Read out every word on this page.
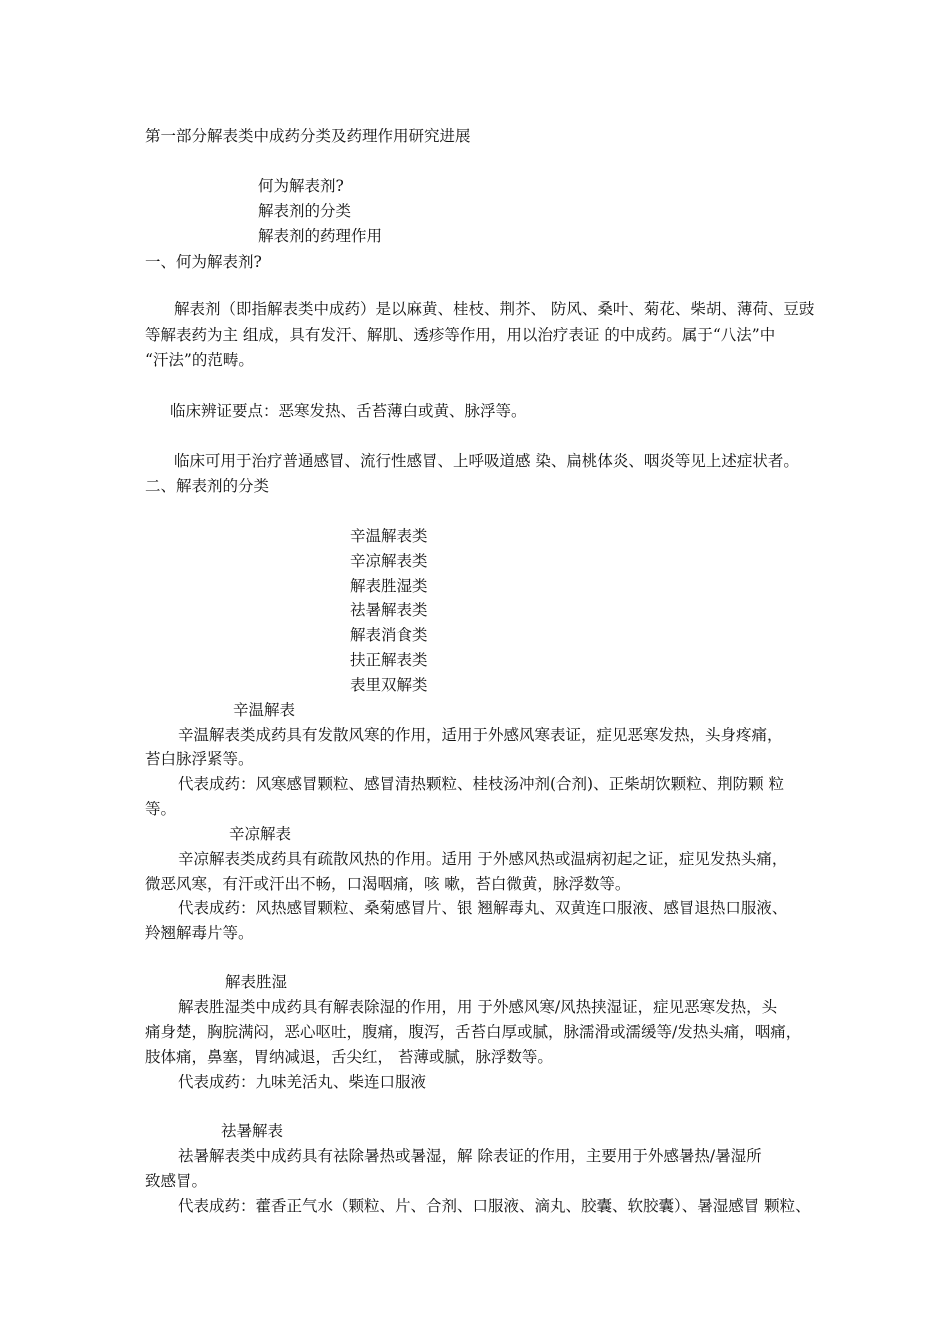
第一部分解表类中成药分类及药理作用研究进展
何为解表剂?
解表剂的分类
解表剂的药理作用
一、何为解表剂?
解表剂（即指解表类中成药）是以麻黄、桂枝、荆芥、 防风、桑叶、菊花、柴胡、薄荷、豆豉
等解表药为主 组成，具有发汗、解肌、透疹等作用，用以治疗表证 的中成药。属于“八法”中
“汗法”的范畴。
临床辨证要点：恶寒发热、舌苔薄白或黄、脉浮等。
临床可用于治疗普通感冒、流行性感冒、上呼吸道感 染、扁桃体炎、咽炎等见上述症状者。
二、解表剂的分类
辛温解表类
辛凉解表类
解表胜湿类
祛暑解表类
解表消食类
扶正解表类
表里双解类
辛温解表
辛温解表类成药具有发散风寒的作用，适用于外感风寒表证，症见恶寒发热，头身疼痛，
苔白脉浮紧等。
代表成药：风寒感冒颗粒、感冒清热颗粒、桂枝汤冲剂(合剂)、正柴胡饮颗粒、荆防颗 粒
等。
辛凉解表
辛凉解表类成药具有疏散风热的作用。适用 于外感风热或温病初起之证，症见发热头痛，
微恶风寒，有汗或汗出不畅，口渴咽痛，咳 嗽，苔白微黄，脉浮数等。
代表成药：风热感冒颗粒、桑菊感冒片、银 翘解毒丸、双黄连口服液、感冒退热口服液、
羚翘解毒片等。
解表胜湿
解表胜湿类中成药具有解表除湿的作用，用 于外感风寒/风热挟湿证，症见恶寒发热，头
痛身楚，胸脘满闷，恶心呕吐，腹痛，腹泻，舌苔白厚或腻，脉濡滑或濡缓等/发热头痛，咽痛，
肢体痛，鼻塞，胃纳减退，舌尖红， 苔薄或腻，脉浮数等。
代表成药：九味羌活丸、柴连口服液
祛暑解表
祛暑解表类中成药具有祛除暑热或暑湿，解 除表证的作用，主要用于外感暑热/暑湿所
致感冒。
代表成药：藿香正气水（颗粒、片、合剂、口服液、滴丸、胶囊、软胶囊）、暑湿感冒 颗粒、
